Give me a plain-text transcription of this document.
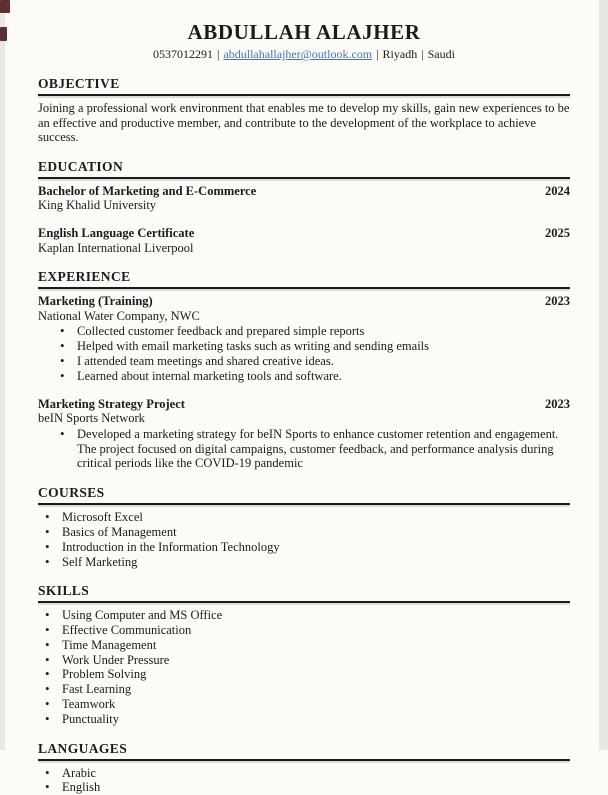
ABDULLAH ALAJHER
0537012291 | abdullahallajher@outlook.com | Riyadh | Saudi
OBJECTIVE

Joining a professional work environment that enables me to develop my skills, gain new experiences to be an effective and productive member, and contribute to the development of the workplace to achieve success.

EDUCATION
Bachelor of Marketing and E-Commerce	2024
King Khalid University
English Language Certificate	2025
Kaplan International Liverpool
EXPERIENCE
Marketing (Training)	2023
National Water Company, NWC
• Collected customer feedback and prepared simple reports
• Helped with email marketing tasks such as writing and sending emails
• I attended team meetings and shared creative ideas.
• Learned about internal marketing tools and software.
Marketing Strategy Project	2023
beIN Sports Network
• Developed a marketing strategy for beIN Sports to enhance customer retention and engagement. The project focused on digital campaigns, customer feedback, and performance analysis during critical periods like the COVID-19 pandemic
COURSES
• Microsoft Excel
• Basics of Management
• Introduction in the Information Technology
• Self Marketing
SKILLS
• Using Computer and MS Office
• Effective Communication
• Time Management
• Work Under Pressure
• Problem Solving
• Fast Learning
• Teamwork
• Punctuality
LANGUAGES
• Arabic
• English
